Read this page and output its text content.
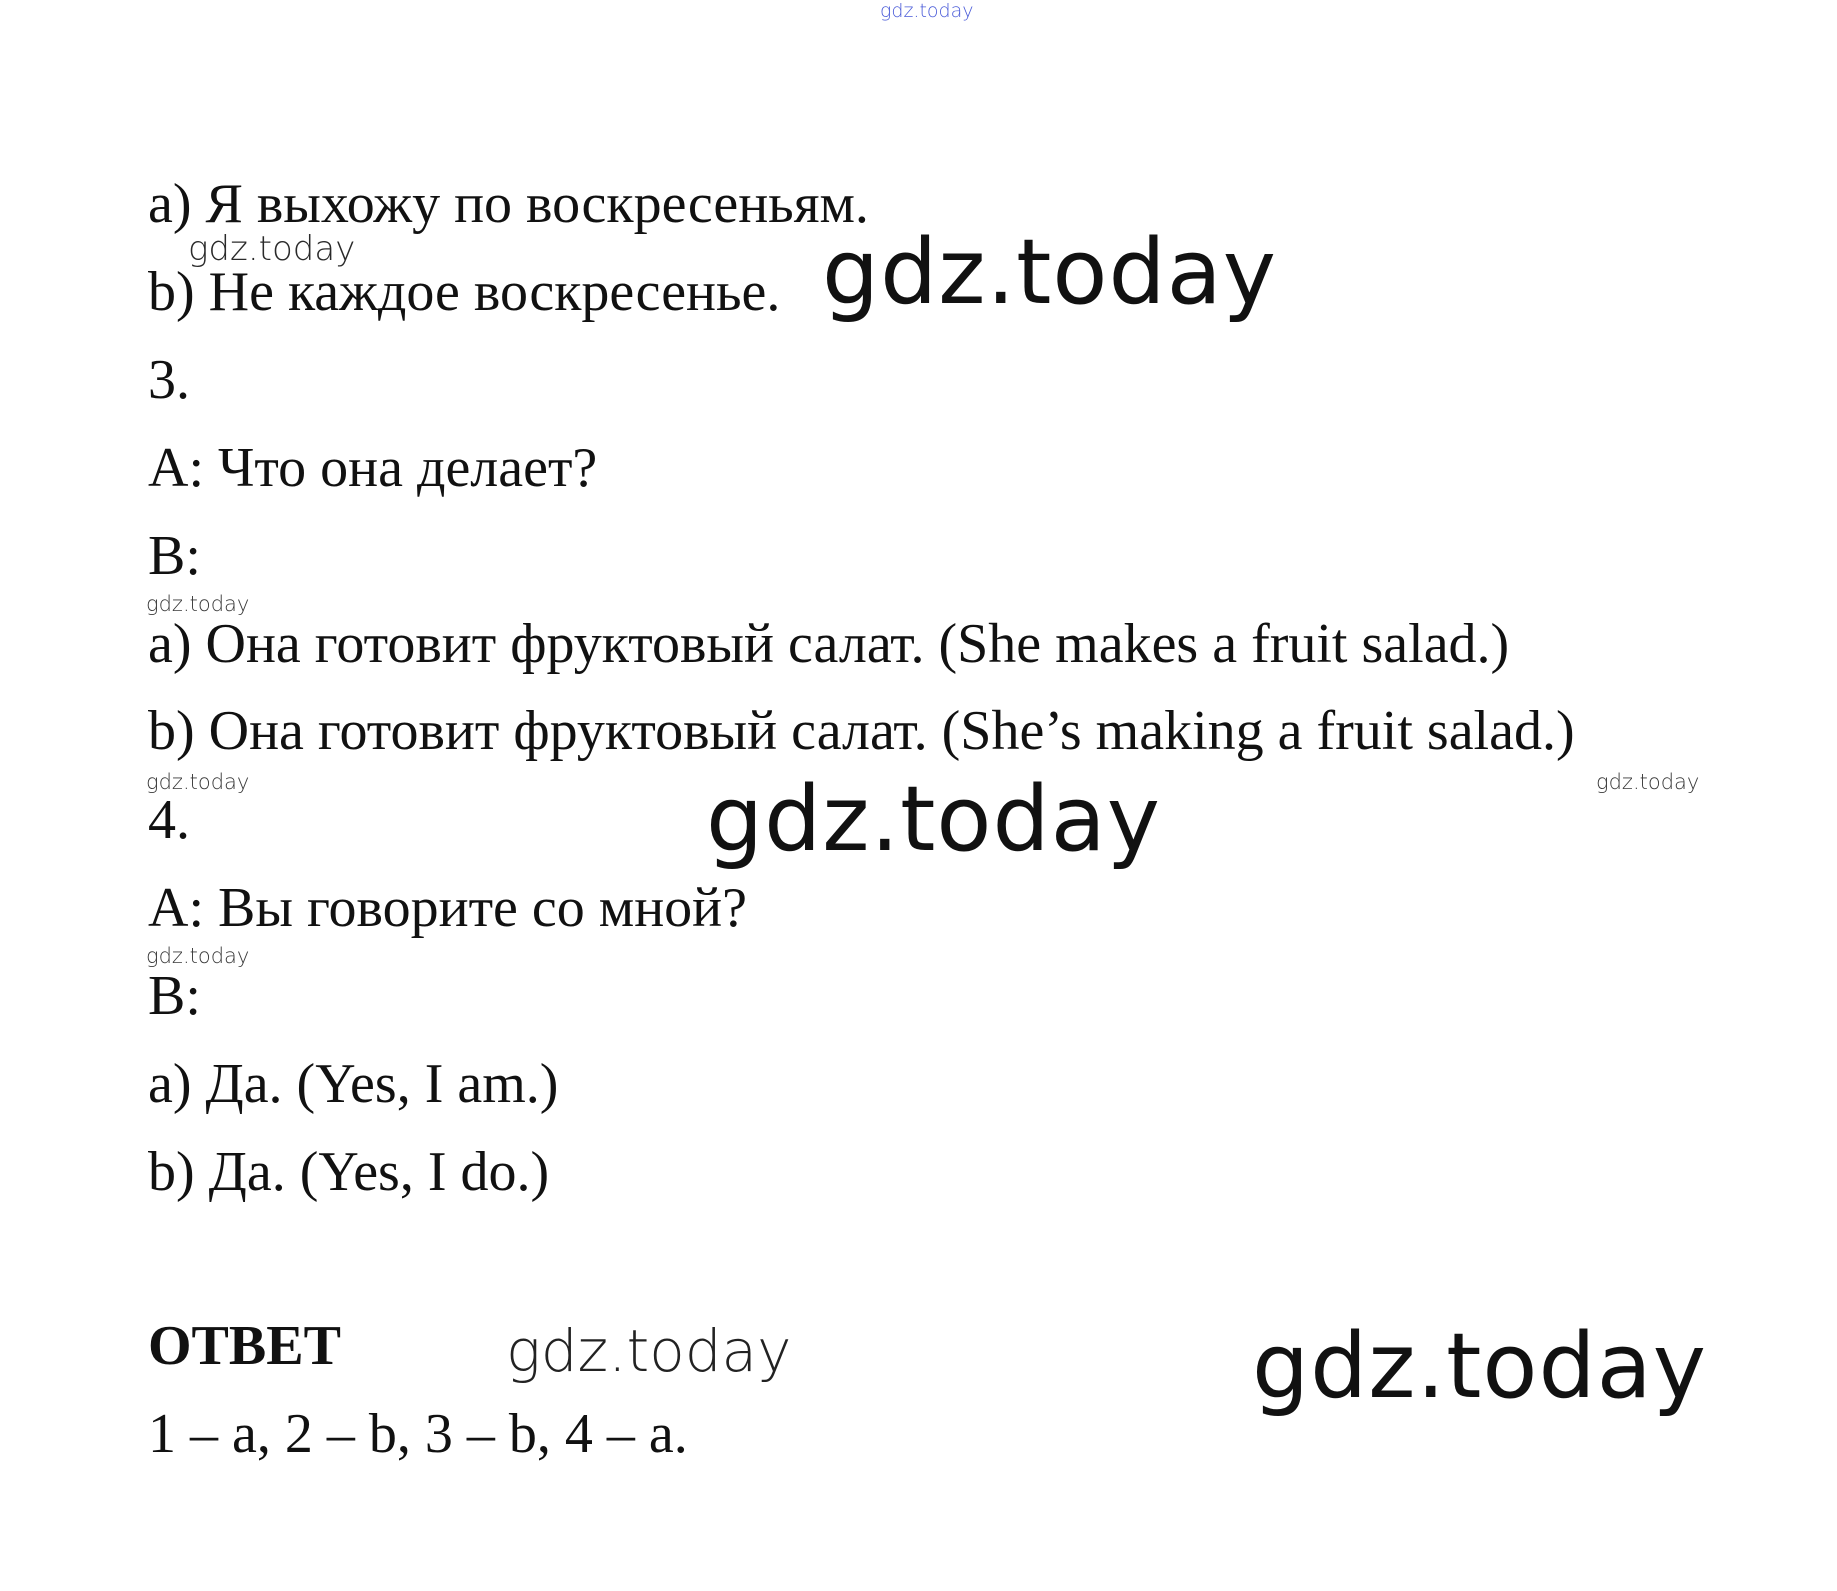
gdz.today
a) Я выхожу по воскресеньям.
b) Не каждое воскресенье.
3.
A: Что она делает?
B:
a) Она готовит фруктовый салат. (She makes a fruit salad.)
b) Она готовит фруктовый салат. (She’s making a fruit salad.)
4.
A: Вы говорите со мной?
B:
a) Да. (Yes, I am.)
b) Да. (Yes, I do.)
ОТВЕТ
1 – a, 2 – b, 3 – b, 4 – a.
gdz.today	gdz.today
gdz.today
gdz.today	gdz.today
gdz.today
gdz.today
gdz.today	gdz.today
